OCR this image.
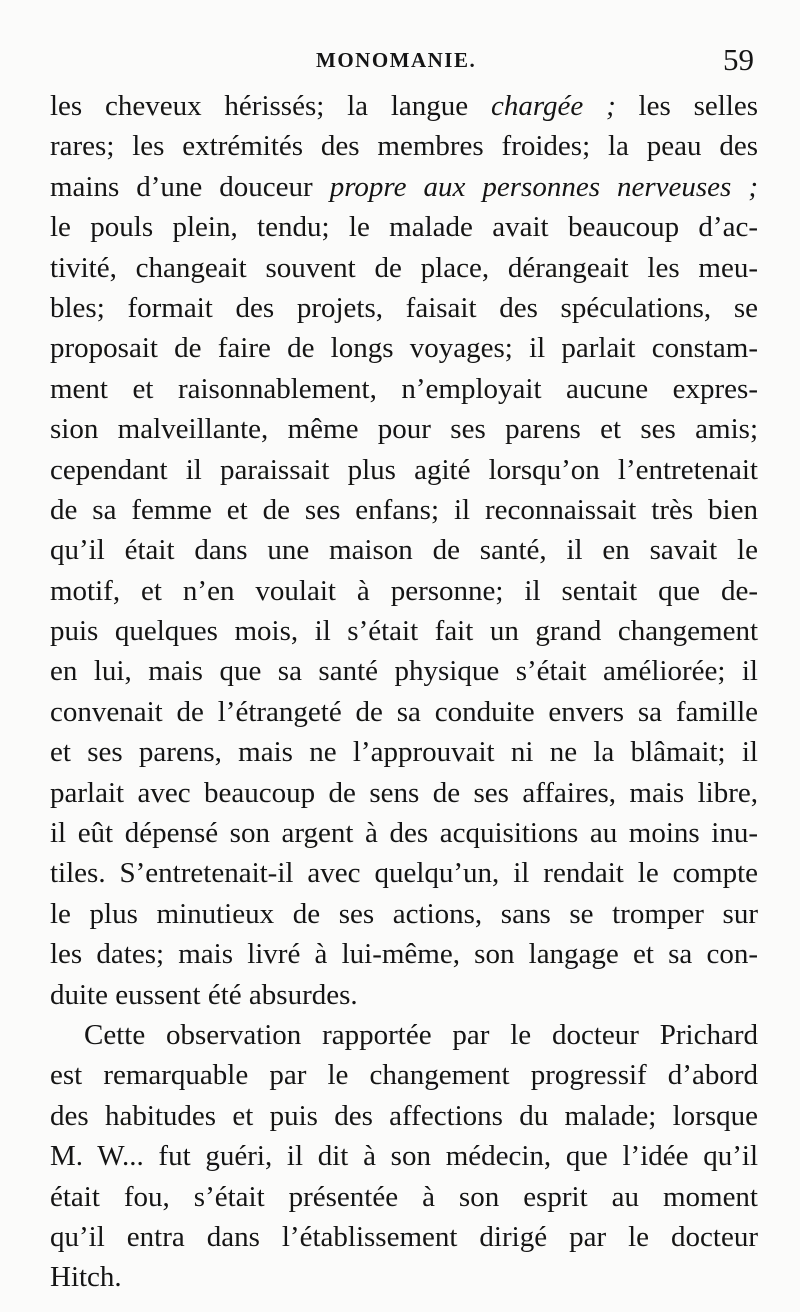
MONOMANIE.	59
les cheveux hérissés; la langue chargée ; les selles
rares; les extrémités des membres froides; la peau des
mains d’une douceur propre aux personnes nerveuses ;
le pouls plein, tendu; le malade avait beaucoup d’ac-
tivité, changeait souvent de place, dérangeait les meu-
bles; formait des projets, faisait des spéculations, se
proposait de faire de longs voyages; il parlait constam-
ment et raisonnablement, n’employait aucune expres-
sion malveillante, même pour ses parens et ses amis;
cependant il paraissait plus agité lorsqu’on l’entretenait
de sa femme et de ses enfans; il reconnaissait très bien
qu’il était dans une maison de santé, il en savait le
motif, et n’en voulait à personne; il sentait que de-
puis quelques mois, il s’était fait un grand changement
en lui, mais que sa santé physique s’était améliorée; il
convenait de l’étrangeté de sa conduite envers sa famille
et ses parens, mais ne l’approuvait ni ne la blâmait; il
parlait avec beaucoup de sens de ses affaires, mais libre,
il eût dépensé son argent à des acquisitions au moins inu-
tiles. S’entretenait-il avec quelqu’un, il rendait le compte
le plus minutieux de ses actions, sans se tromper sur
les dates; mais livré à lui-même, son langage et sa con-
duite eussent été absurdes.
Cette observation rapportée par le docteur Prichard
est remarquable par le changement progressif d’abord
des habitudes et puis des affections du malade; lorsque
M. W... fut guéri, il dit à son médecin, que l’idée qu’il
était fou, s’était présentée à son esprit au moment
qu’il entra dans l’établissement dirigé par le docteur
Hitch.
